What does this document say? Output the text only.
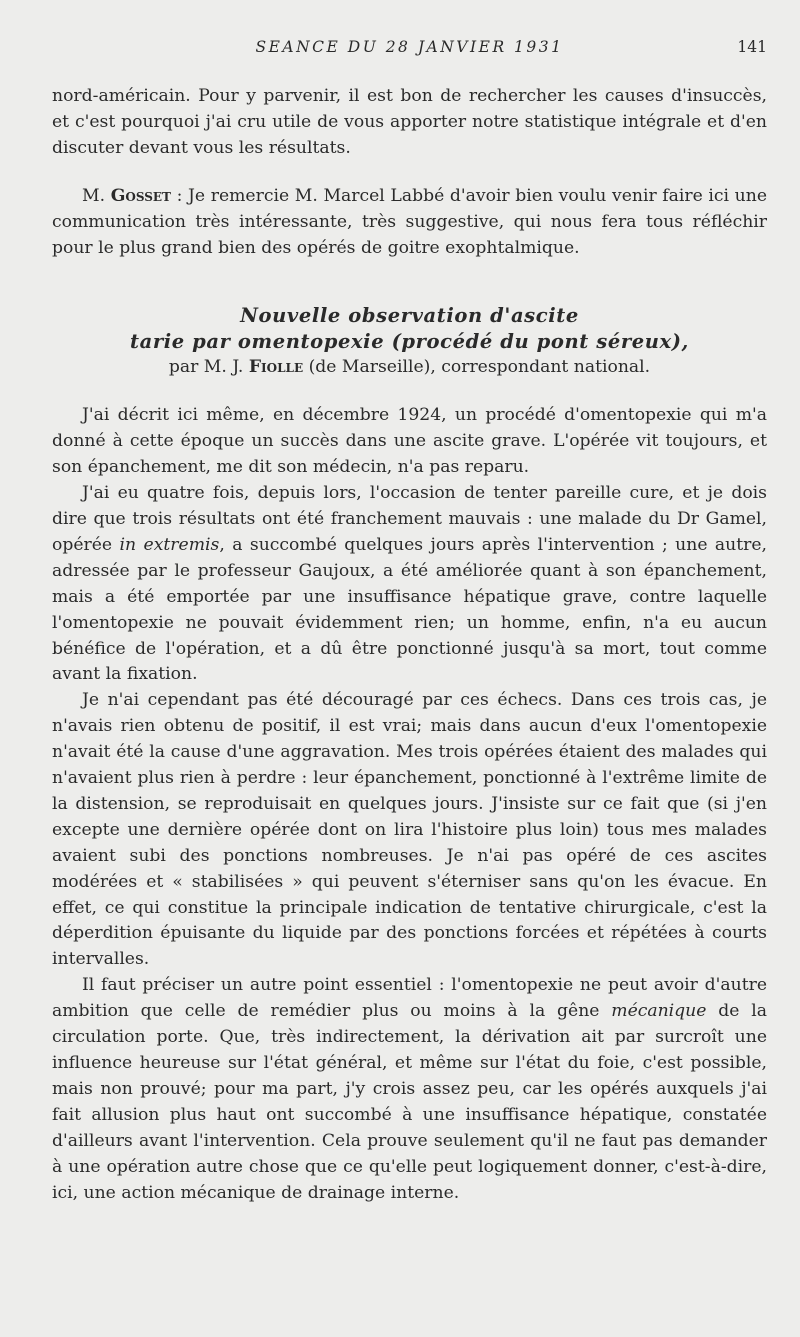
SEANCE DU 28 JANVIER 1931	141

nord-américain. Pour y parvenir, il est bon de rechercher les causes d'insuccès, et c'est pourquoi j'ai cru utile de vous apporter notre statistique intégrale et d'en discuter devant vous les résultats.

M. Gosset : Je remercie M. Marcel Labbé d'avoir bien voulu venir faire ici une communication très intéressante, très suggestive, qui nous fera tous réfléchir pour le plus grand bien des opérés de goitre exophtalmique.

Nouvelle observation d'ascite
tarie par omentopexie (procédé du pont séreux),

par M. J. Fiolle (de Marseille), correspondant national.

J'ai décrit ici même, en décembre 1924, un procédé d'omentopexie qui m'a donné à cette époque un succès dans une ascite grave. L'opérée vit toujours, et son épanchement, me dit son médecin, n'a pas reparu.

J'ai eu quatre fois, depuis lors, l'occasion de tenter pareille cure, et je dois dire que trois résultats ont été franchement mauvais : une malade du Dr Gamel, opérée in extremis, a succombé quelques jours après l'intervention ; une autre, adressée par le professeur Gaujoux, a été améliorée quant à son épanchement, mais a été emportée par une insuffisance hépatique grave, contre laquelle l'omentopexie ne pouvait évidemment rien; un homme, enfin, n'a eu aucun bénéfice de l'opération, et a dû être ponctionné jusqu'à sa mort, tout comme avant la fixation.

Je n'ai cependant pas été découragé par ces échecs. Dans ces trois cas, je n'avais rien obtenu de positif, il est vrai; mais dans aucun d'eux l'omentopexie n'avait été la cause d'une aggravation. Mes trois opérées étaient des malades qui n'avaient plus rien à perdre : leur épanchement, ponctionné à l'extrême limite de la distension, se reproduisait en quelques jours. J'insiste sur ce fait que (si j'en excepte une dernière opérée dont on lira l'histoire plus loin) tous mes malades avaient subi des ponctions nombreuses. Je n'ai pas opéré de ces ascites modérées et « stabilisées » qui peuvent s'éterniser sans qu'on les évacue. En effet, ce qui constitue la principale indication de tentative chirurgicale, c'est la déperdition épuisante du liquide par des ponctions forcées et répétées à courts intervalles.

Il faut préciser un autre point essentiel : l'omentopexie ne peut avoir d'autre ambition que celle de remédier plus ou moins à la gêne mécanique de la circulation porte. Que, très indirectement, la dérivation ait par surcroît une influence heureuse sur l'état général, et même sur l'état du foie, c'est possible, mais non prouvé; pour ma part, j'y crois assez peu, car les opérés auxquels j'ai fait allusion plus haut ont succombé à une insuffisance hépatique, constatée d'ailleurs avant l'intervention. Cela prouve seulement qu'il ne faut pas demander à une opération autre chose que ce qu'elle peut logiquement donner, c'est-à-dire, ici, une action mécanique de drainage interne.
